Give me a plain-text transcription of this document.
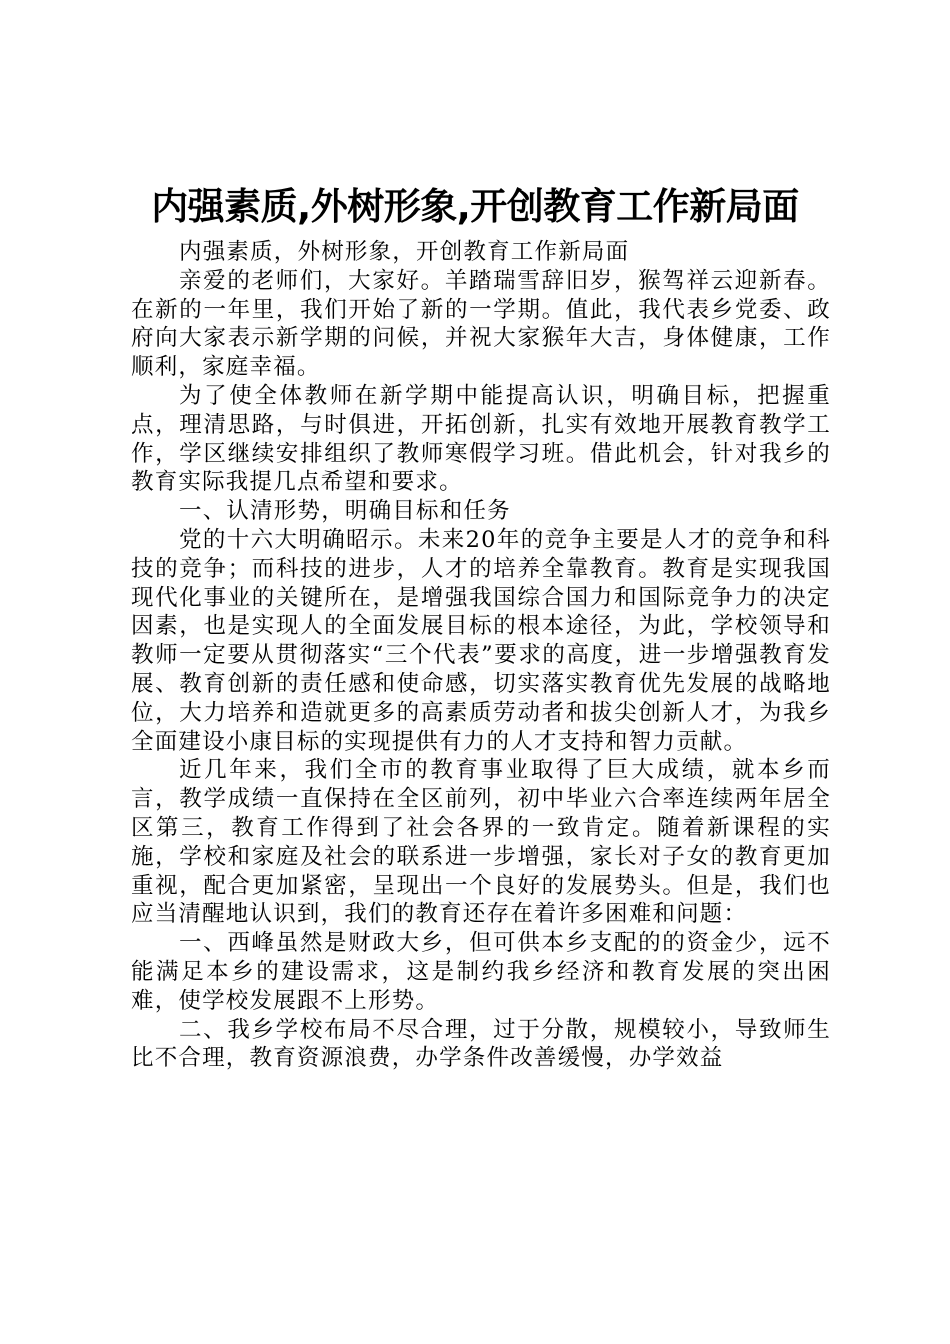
内强素质,外树形象,开创教育工作新局面

内强素质，外树形象，开创教育工作新局面

亲爱的老师们，大家好。羊踏瑞雪辞旧岁，猴驾祥云迎新春。在新的一年里，我们开始了新的一学期。值此，我代表乡党委、政府向大家表示新学期的问候，并祝大家猴年大吉，身体健康，工作顺利，家庭幸福。

为了使全体教师在新学期中能提高认识，明确目标，把握重点，理清思路，与时俱进，开拓创新，扎实有效地开展教育教学工作，学区继续安排组织了教师寒假学习班。借此机会，针对我乡的教育实际我提几点希望和要求。

一、认清形势，明确目标和任务

党的十六大明确昭示。未来20年的竞争主要是人才的竞争和科技的竞争；而科技的进步，人才的培养全靠教育。教育是实现我国现代化事业的关键所在，是增强我国综合国力和国际竞争力的决定因素，也是实现人的全面发展目标的根本途径，为此，学校领导和教师一定要从贯彻落实“三个代表”要求的高度，进一步增强教育发展、教育创新的责任感和使命感，切实落实教育优先发展的战略地位，大力培养和造就更多的高素质劳动者和拔尖创新人才，为我乡全面建设小康目标的实现提供有力的人才支持和智力贡献。

近几年来，我们全市的教育事业取得了巨大成绩，就本乡而言，教学成绩一直保持在全区前列，初中毕业六合率连续两年居全区第三，教育工作得到了社会各界的一致肯定。随着新课程的实施，学校和家庭及社会的联系进一步增强，家长对子女的教育更加重视，配合更加紧密，呈现出一个良好的发展势头。但是，我们也应当清醒地认识到，我们的教育还存在着许多困难和问题：

一、西峰虽然是财政大乡，但可供本乡支配的的资金少，远不能满足本乡的建设需求，这是制约我乡经济和教育发展的突出困难，使学校发展跟不上形势。

二、我乡学校布局不尽合理，过于分散，规模较小，导致师生比不合理，教育资源浪费，办学条件改善缓慢，办学效益
